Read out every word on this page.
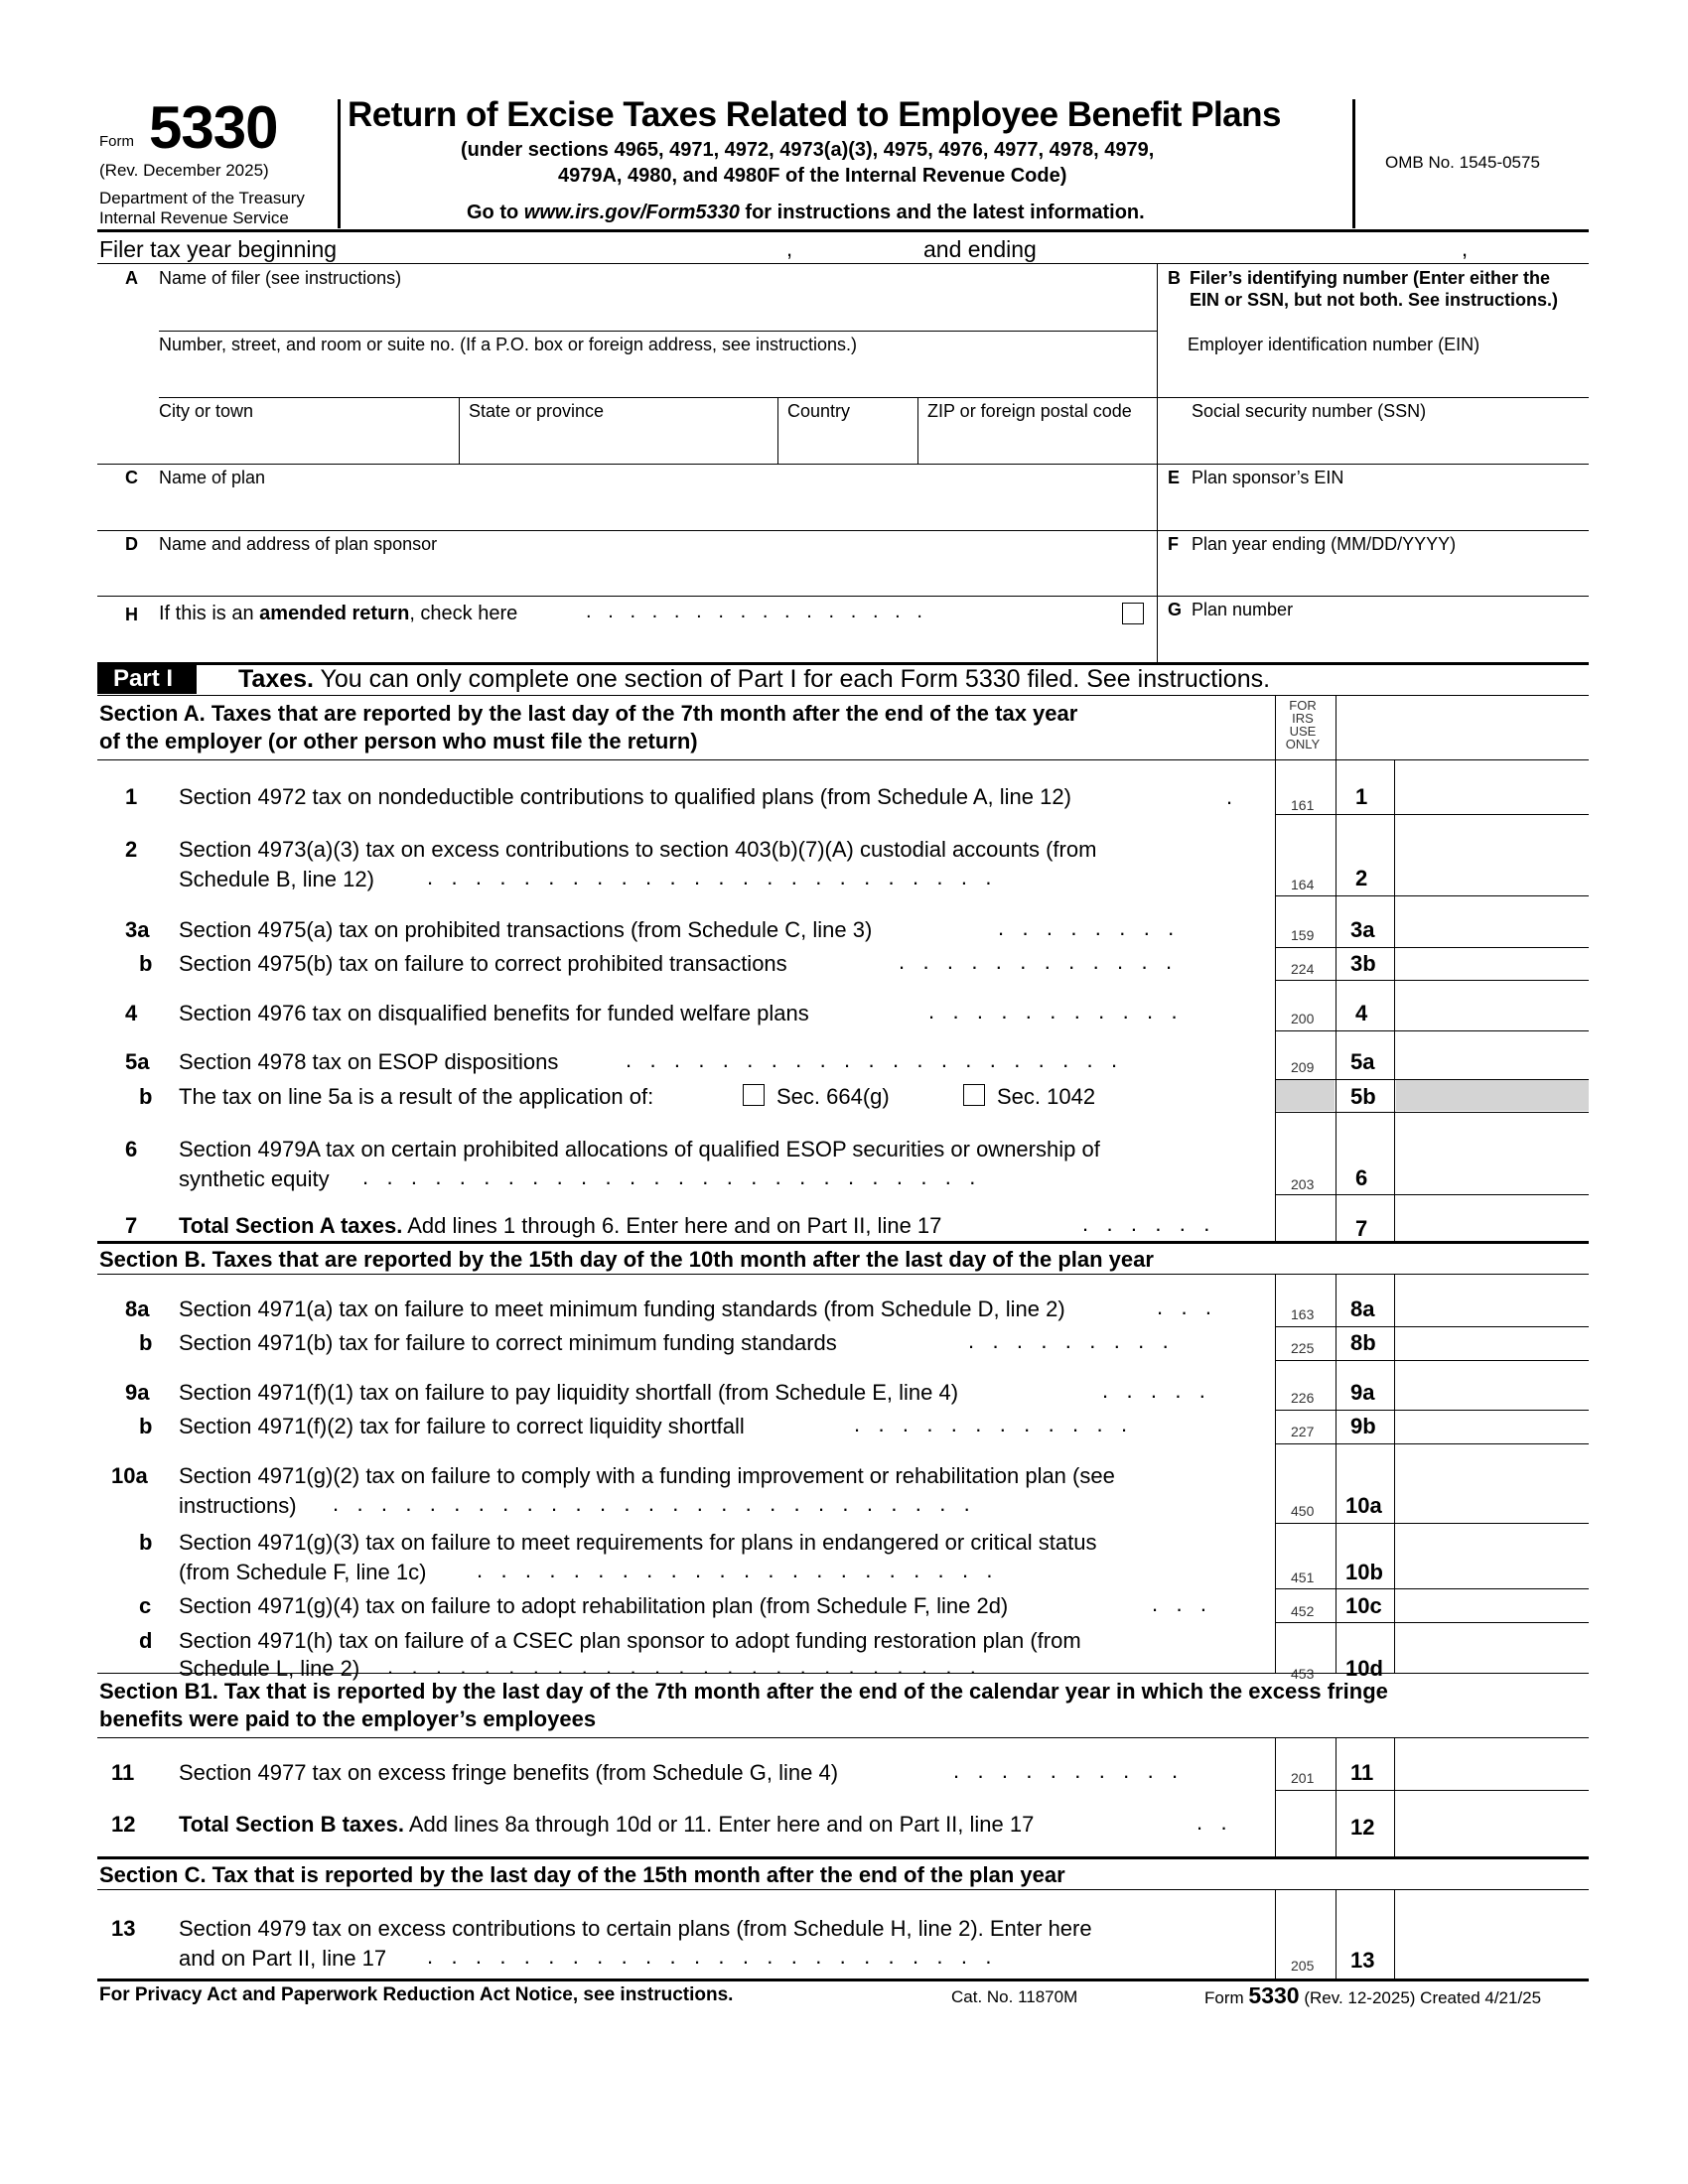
Form 5330
(Rev. December 2025)
Department of the Treasury
Internal Revenue Service
Return of Excise Taxes Related to Employee Benefit Plans
(under sections 4965, 4971, 4972, 4973(a)(3), 4975, 4976, 4977, 4978, 4979,
4979A, 4980, and 4980F of the Internal Revenue Code)
Go to www.irs.gov/Form5330 for instructions and the latest information.
OMB No. 1545-0575
Filer tax year beginning	,	and ending	,
A Name of filer (see instructions)
Number, street, and room or suite no. (If a P.O. box or foreign address, see instructions.)
City or town	State or province	Country	ZIP or foreign postal code
B Filer’s identifying number (Enter either the
EIN or SSN, but not both. See instructions.)
Employer identification number (EIN)
Social security number (SSN)
C Name of plan	E Plan sponsor’s EIN
D Name and address of plan sponsor	F Plan year ending (MM/DD/YYYY)
H If this is an amended return, check here	.   .   .   .   .   .   .   .   .   .   .   .   .   .   .   .	G Plan number
Part I	Taxes. You can only complete one section of Part I for each Form 5330 filed. See instructions.
Section A. Taxes that are reported by the last day of the 7th month after the end of the tax year
of the employer (or other person who must file the return)
FOR
IRS
USE
ONLY
1 Section 4972 tax on nondeductible contributions to qualified plans (from Schedule A, line 12)	.	161 1
2 Section 4973(a)(3) tax on excess contributions to section 403(b)(7)(A) custodial accounts (from
Schedule B, line 12) .   .   .   .   .   .   .   .   .   .   .   .   .   .   .   .   .   .   .   .   .   .   .   .	164 2
3a Section 4975(a) tax on prohibited transactions (from Schedule C, line 3)	.   .   .   .   .   .   .   .	159 3a
b Section 4975(b) tax on failure to correct prohibited transactions	.   .   .   .   .   .   .   .   .   .   .   .	224 3b
4 Section 4976 tax on disqualified benefits for funded welfare plans	.   .   .   .   .   .   .   .   .   .   .	200 4
5a Section 4978 tax on ESOP dispositions	.   .   .   .   .   .   .   .   .   .   .   .   .   .   .   .   .   .   .   .   .	209 5a
b The tax on line 5a is a result of the application of:	Sec. 664(g)	Sec. 1042	5b
6 Section 4979A tax on certain prohibited allocations of qualified ESOP securities or ownership of
synthetic equity .   .   .   .   .   .   .   .   .   .   .   .   .   .   .   .   .   .   .   .   .   .   .   .   .   .	203 6
7 Total Section A taxes. Add lines 1 through 6. Enter here and on Part II, line 17	.   .   .   .   .   .	7
Section B. Taxes that are reported by the 15th day of the 10th month after the last day of the plan year
8a Section 4971(a) tax on failure to meet minimum funding standards (from Schedule D, line 2)	.   .   .	163 8a
b Section 4971(b) tax for failure to correct minimum funding standards	.   .   .   .   .   .   .   .   .	225 8b
9a Section 4971(f)(1) tax on failure to pay liquidity shortfall (from Schedule E, line 4)	.   .   .   .   .	226 9a
b Section 4971(f)(2) tax for failure to correct liquidity shortfall	.   .   .   .   .   .   .   .   .   .   .   .	227 9b
10a Section 4971(g)(2) tax on failure to comply with a funding improvement or rehabilitation plan (see
instructions) .   .   .   .   .   .   .   .   .   .   .   .   .   .   .   .   .   .   .   .   .   .   .   .   .   .   .	450 10a
b Section 4971(g)(3) tax on failure to meet requirements for plans in endangered or critical status
(from Schedule F, line 1c) .   .   .   .   .   .   .   .   .   .   .   .   .   .   .   .   .   .   .   .   .   .	451 10b
c Section 4971(g)(4) tax on failure to adopt rehabilitation plan (from Schedule F, line 2d)	.   .   .	452 10c
d Section 4971(h) tax on failure of a CSEC plan sponsor to adopt funding restoration plan (from
Schedule L, line 2) .   .   .   .   .   .   .   .   .   .   .   .   .   .   .   .   .   .   .   .   .   .   .   .   .	453 10d
Section B1. Tax that is reported by the last day of the 7th month after the end of the calendar year in which the excess fringe
benefits were paid to the employer’s employees
11 Section 4977 tax on excess fringe benefits (from Schedule G, line 4)	.   .   .   .   .   .   .   .   .   .	201 11
12 Total Section B taxes. Add lines 8a through 10d or 11. Enter here and on Part II, line 17	.   .	12
Section C. Tax that is reported by the last day of the 15th month after the end of the plan year
13 Section 4979 tax on excess contributions to certain plans (from Schedule H, line 2). Enter here
and on Part II, line 17 .   .   .   .   .   .   .   .   .   .   .   .   .   .   .   .   .   .   .   .   .   .   .   .	205 13
For Privacy Act and Paperwork Reduction Act Notice, see instructions.	Cat. No. 11870M	Form 5330 (Rev. 12-2025) Created 4/21/25
